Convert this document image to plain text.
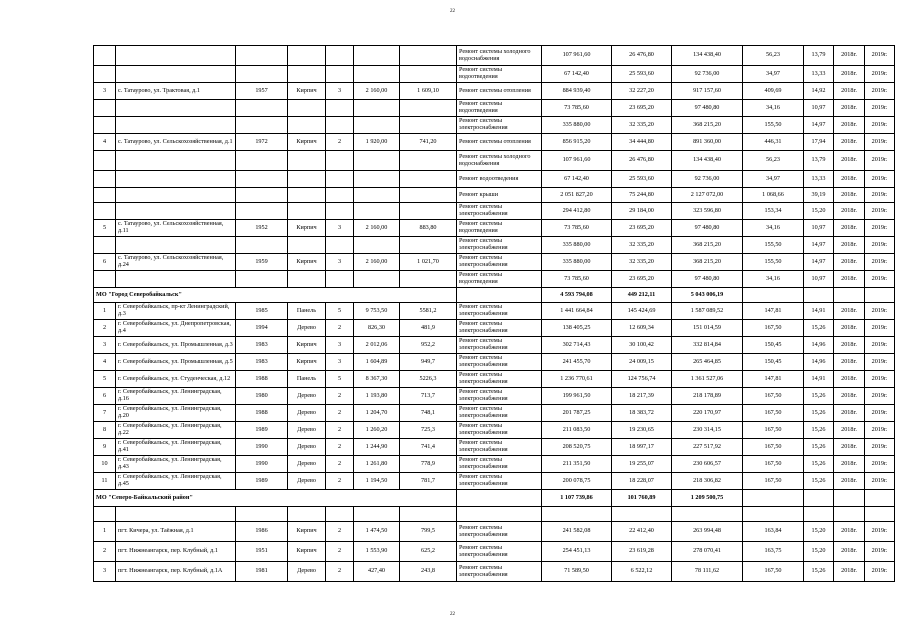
22
							Ремонт системы холодного водоснабжения	107 961,60	26 476,80	134 438,40	56,23	13,79	2018г.	2019г.
							Ремонт системы водоотведения	67 142,40	25 593,60	92 736,00	34,97	13,33	2018г.	2019г.
3	с. Татаурово, ул. Трактовая, д.1	1957	Кирпич	3	2 160,00	1 609,10	Ремонт системы отопления	884 939,40	32 227,20	917 157,60	409,69	14,92	2018г.	2019г.
							Ремонт системы водоотведения	73 785,60	23 695,20	97 480,80	34,16	10,97	2018г.	2019г.
							Ремонт системы электроснабжения	335 880,00	32 335,20	368 215,20	155,50	14,97	2018г.	2019г.
4	с. Татаурово, ул. Сельскохозяйственная, д.1	1972	Кирпич	2	1 920,00	741,20	Ремонт системы отопления	856 915,20	34 444,80	891 360,00	446,31	17,94	2018г.	2019г.
							Ремонт системы холодного водоснабжения	107 961,60	26 476,80	134 438,40	56,23	13,79	2018г.	2019г.
							Ремонт водоотведения	67 142,40	25 593,60	92 736,00	34,97	13,33	2018г.	2019г.
							Ремонт крыши	2 051 827,20	75 244,80	2 127 072,00	1 068,66	39,19	2018г.	2019г.
							Ремонт системы электроснабжения	294 412,80	29 184,00	323 596,80	153,34	15,20	2018г.	2019г.
5	с. Татаурово, ул. Сельскохозяйственная, д.11	1952	Кирпич	3	2 160,00	883,80	Ремонт системы водоотведения	73 785,60	23 695,20	97 480,80	34,16	10,97	2018г.	2019г.
							Ремонт системы электроснабжения	335 880,00	32 335,20	368 215,20	155,50	14,97	2018г.	2019г.
6	с. Татаурово, ул. Сельскохозяйственная, д.24	1959	Кирпич	3	2 160,00	1 021,70	Ремонт системы электроснабжения	335 880,00	32 335,20	368 215,20	155,50	14,97	2018г.	2019г.
							Ремонт системы водоотведения	73 785,60	23 695,20	97 480,80	34,16	10,97	2018г.	2019г.
МО "Город Северобайкальск"								4 593 794,08	449 212,11	5 043 006,19				
1	г. Северобайкальск, пр-кт Ленинградский, д.3	1985	Панель	5	9 753,50	5581,2	Ремонт системы электроснабжения	1 441 664,84	145 424,69	1 587 089,52	147,81	14,91	2018г.	2019г.
2	г. Северобайкальск, ул. Днепропетровская, д.4	1994	Дерево	2	826,30	481,9	Ремонт системы электроснабжения	138 405,25	12 609,34	151 014,59	167,50	15,26	2018г.	2019г.
3	г. Северобайкальск, ул. Промышленная, д.3	1983	Кирпич	3	2 012,06	952,2	Ремонт системы электроснабжения	302 714,43	30 100,42	332 814,84	150,45	14,96	2018г.	2019г.
4	г. Северобайкальск, ул. Промышленная, д.5	1983	Кирпич	3	1 604,89	949,7	Ремонт системы электроснабжения	241 455,70	24 009,15	265 464,85	150,45	14,96	2018г.	2019г.
5	г. Северобайкальск, ул. Студенческая, д.12	1988	Панель	5	8 367,30	5226,3	Ремонт системы электроснабжения	1 236 770,61	124 756,74	1 361 527,06	147,81	14,91	2018г.	2019г.
6	г. Северобайкальск, ул. Ленинградская, д.16	1980	Дерево	2	1 193,80	713,7	Ремонт системы электроснабжения	199 961,50	18 217,39	218 178,89	167,50	15,26	2018г.	2019г.
7	г. Северобайкальск, ул. Ленинградская, д.20	1988	Дерево	2	1 204,70	748,1	Ремонт системы электроснабжения	201 787,25	18 383,72	220 170,97	167,50	15,26	2018г.	2019г.
8	г. Северобайкальск, ул. Ленинградская, д.22	1989	Дерево	2	1 260,20	725,3	Ремонт системы электроснабжения	211 083,50	19 230,65	230 314,15	167,50	15,26	2018г.	2019г.
9	г. Северобайкальск, ул. Ленинградская, д.41	1990	Дерево	2	1 244,90	741,4	Ремонт системы электроснабжения	208 520,75	18 997,17	227 517,92	167,50	15,26	2018г.	2019г.
10	г. Северобайкальск, ул. Ленинградская, д.43	1990	Дерево	2	1 261,80	778,9	Ремонт системы электроснабжения	211 351,50	19 255,07	230 606,57	167,50	15,26	2018г.	2019г.
11	г. Северобайкальск, ул. Ленинградская, д.45	1989	Дерево	2	1 194,50	781,7	Ремонт системы электроснабжения	200 078,75	18 228,07	218 306,82	167,50	15,26	2018г.	2019г.
МО "Северо-Байкальский район"								1 107 739,86	101 760,89	1 209 500,75				

1	пгт. Кичера, ул. Таёжная, д.1	1986	Кирпич	2	1 474,50	799,5	Ремонт системы электроснабжения	241 582,08	22 412,40	263 994,48	163,84	15,20	2018г.	2019г.
2	пгт. Нижнеангарск, пер. Клубный, д.1	1951	Кирпич	2	1 553,90	625,2	Ремонт системы электроснабжения	254 451,13	23 619,28	278 070,41	163,75	15,20	2018г.	2019г.
3	пгт. Нижнеангарск, пер. Клубный, д.1А	1981	Дерево	2	427,40	243,8	Ремонт системы электроснабжения	71 589,50	6 522,12	78 111,62	167,50	15,26	2018г.	2019г.
22
